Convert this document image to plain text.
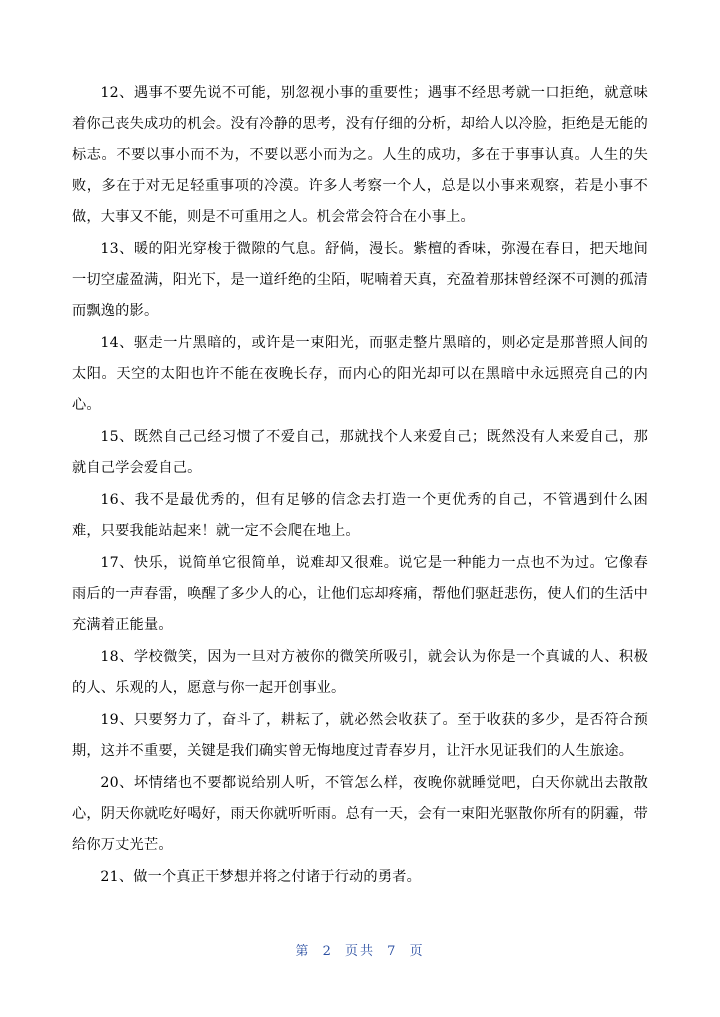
12、遇事不要先说不可能，别忽视小事的重要性；遇事不经思考就一口拒绝，就意味着你己丧失成功的机会。没有冷静的思考，没有仔细的分析，却给人以冷脸，拒绝是无能的标志。不要以事小而不为，不要以恶小而为之。人生的成功，多在于事事认真。人生的失败，多在于对无足轻重事项的冷漠。许多人考察一个人，总是以小事来观察，若是小事不做，大事又不能，则是不可重用之人。机会常会符合在小事上。

13、暖的阳光穿梭于微隙的气息。舒倘，漫长。紫檀的香味，弥漫在春日，把天地间一切空虚盈满，阳光下，是一道纤绝的尘陌，呢喃着天真，充盈着那抹曾经深不可测的孤清而飘逸的影。

14、驱走一片黑暗的，或许是一束阳光，而驱走整片黑暗的，则必定是那普照人间的太阳。天空的太阳也许不能在夜晚长存，而内心的阳光却可以在黑暗中永远照亮自己的内心。

15、既然自己己经习惯了不爱自己，那就找个人来爱自己；既然没有人来爱自己，那就自己学会爱自己。

16、我不是最优秀的，但有足够的信念去打造一个更优秀的自己，不管遇到什么困难，只要我能站起来！就一定不会爬在地上。

17、快乐，说简单它很简单，说难却又很难。说它是一种能力一点也不为过。它像春雨后的一声春雷，唤醒了多少人的心，让他们忘却疼痛，帮他们驱赶悲伤，使人们的生活中充满着正能量。

18、学校微笑，因为一旦对方被你的微笑所吸引，就会认为你是一个真诚的人、积极的人、乐观的人，愿意与你一起开创事业。

19、只要努力了，奋斗了，耕耘了，就必然会收获了。至于收获的多少，是否符合预期，这并不重要，关键是我们确实曾无悔地度过青春岁月，让汗水见证我们的人生旅途。

20、坏情绪也不要都说给别人听，不管怎么样，夜晚你就睡觉吧，白天你就出去散散心，阴天你就吃好喝好，雨天你就听听雨。总有一天，会有一束阳光驱散你所有的阴霾，带给你万丈光芒。

21、做一个真正干梦想并将之付诸于行动的勇者。

第 2 页共 7 页
